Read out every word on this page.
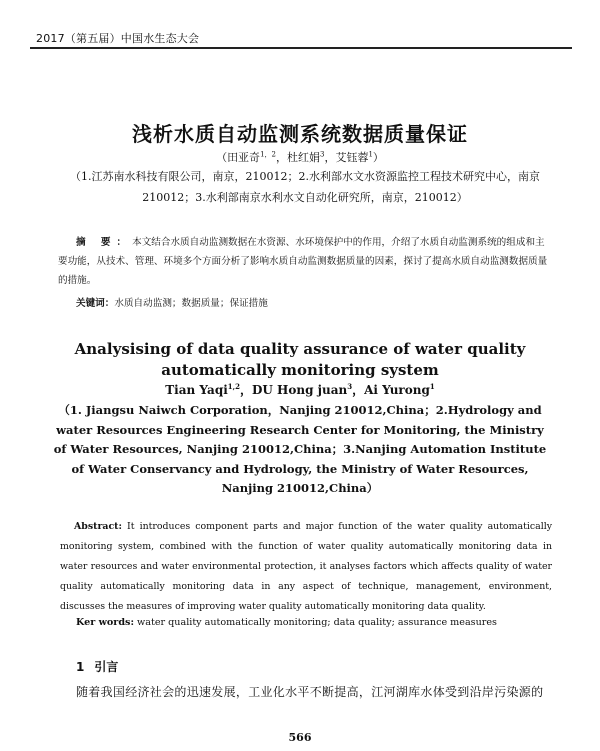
2017（第五届）中国水生态大会
浅析水质自动监测系统数据质量保证
（田亚奇$^{1,2}$，杜红娟$^3$，艾钰蓉$^1$）
（1.江苏南水科技有限公司，南京，210012；2.水利部水文水资源监控工程技术研究中心，南京210012；3.水利部南京水利水文自动化研究所，南京，210012）
摘 要：本文结合水质自动监测数据在水资源、水环境保护中的作用，介绍了水质自动监测系统的组成和主要功能，从技术、管理、环境多个方面分析了影响水质自动监测数据质量的因素，探讨了提高水质自动监测数据质量的措施。
关键词：水质自动监测；数据质量；保证措施
Analysising of data quality assurance of water quality automatically monitoring system
Tian Yaqi$^{1,2}$，DU Hong juan$^3$，Ai Yurong$^1$
（1. Jiangsu Naiwch Corporation，Nanjing 210012,China；2.Hydrology and water Resources Engineering Research Center for Monitoring, the Ministry of Water Resources, Nanjing 210012,China；3.Nanjing Automation Institute of Water Conservancy and Hydrology, the Ministry of Water Resources, Nanjing 210012,China）
Abstract: It introduces component parts and major function of the water quality automatically monitoring system, combined with the function of water quality automatically monitoring data in water resources and water environmental protection, it analyses factors which affects quality of water quality automatically monitoring data in any aspect of technique, management, environment, discusses the measures of improving water quality automatically monitoring data quality.
Ker words: water quality automatically monitoring; data quality; assurance measures
1 引言
随着我国经济社会的迅速发展，工业化水平不断提高，江河湖库水体受到沿岸污染源的
566
